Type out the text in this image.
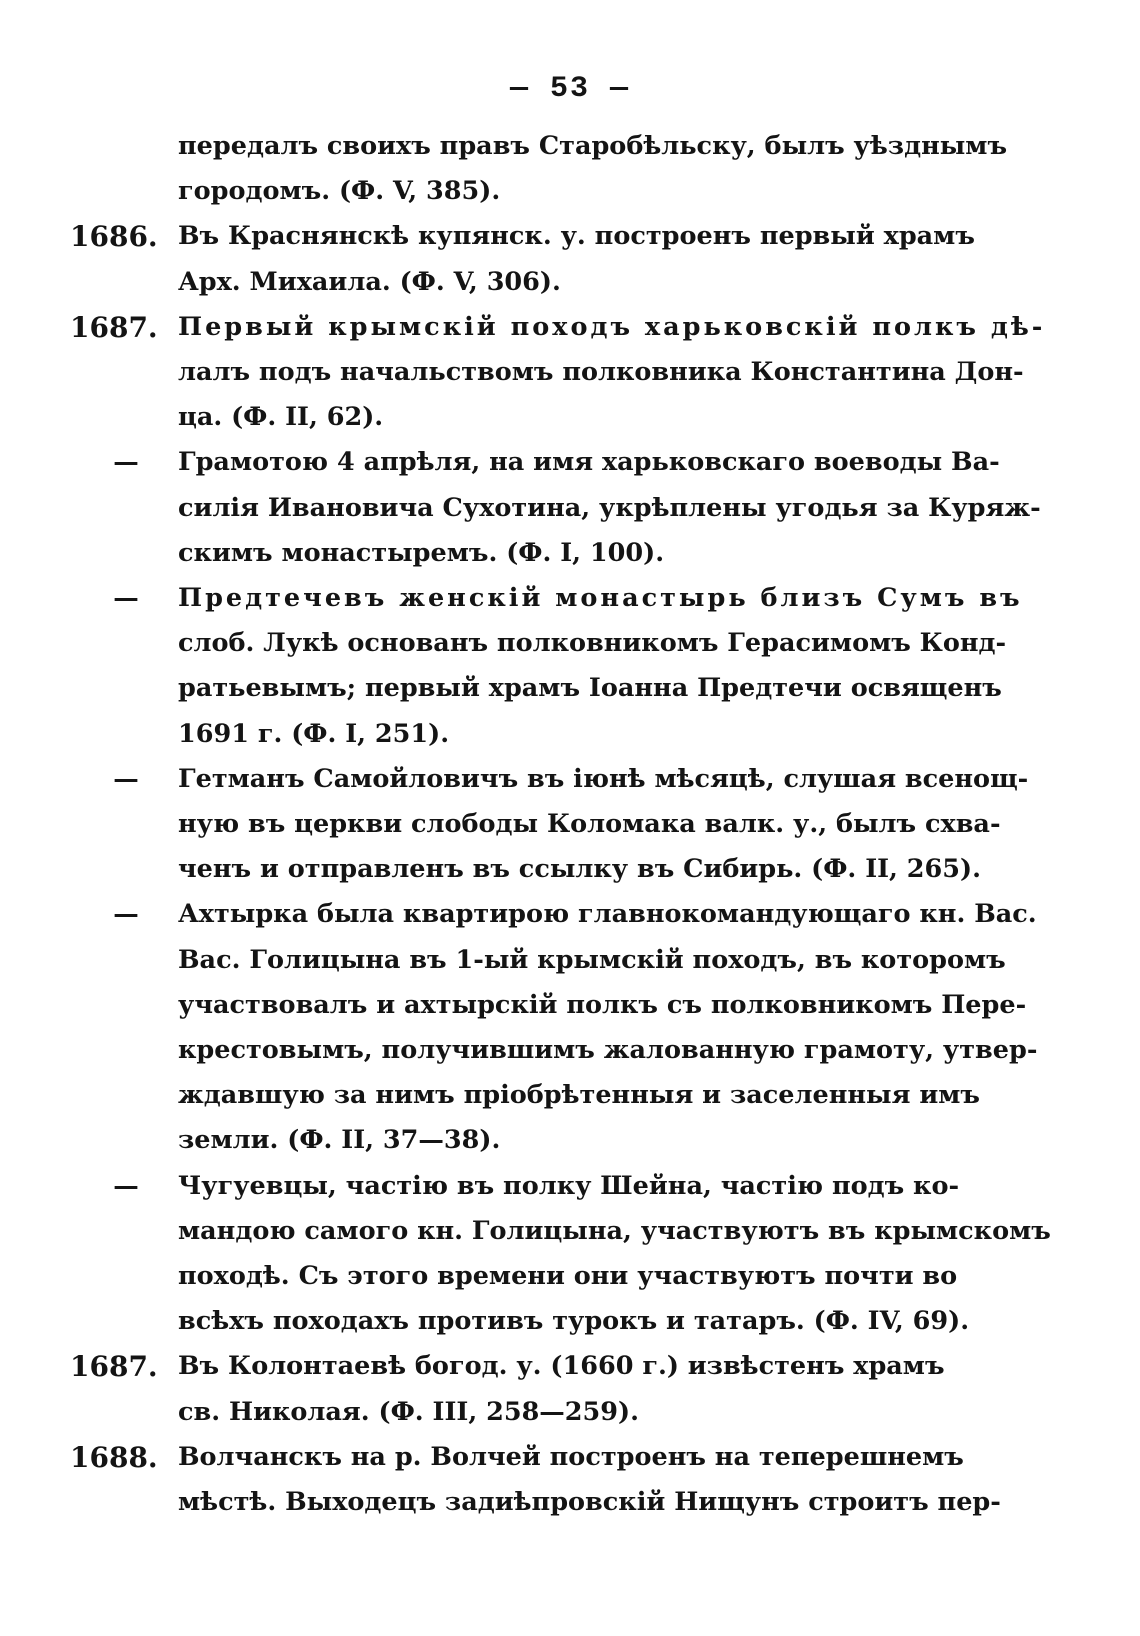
— 53 —
передалъ своихъ правъ Старобѣльску, былъ уѣзднымъ
городомъ. (Ф. V, 385).
1686. Въ Краснянскѣ купянск. у. построенъ первый храмъ
Арх. Михаила. (Ф. V, 306).
1687. Первый крымскій походъ харьковскій полкъ дѣ-
лалъ подъ начальствомъ полковника Константина Дон-
ца. (Ф. II, 62).
—	Грамотою 4 апрѣля, на имя харьковскаго воеводы Ва-
силія Ивановича Сухотина, укрѣплены угодья за Куряж-
скимъ монастыремъ. (Ф. I, 100).
—	Предтечевъ женскій монастырь близъ Сумъ въ
слоб. Лукѣ основанъ полковникомъ Герасимомъ Конд-
ратьевымъ; первый храмъ Іоанна Предтечи освященъ
1691 г. (Ф. I, 251).
—	Гетманъ Самойловичъ въ іюнѣ мѣсяцѣ, слушая всенощ-
ную въ церкви слободы Коломака валк. у., былъ схва-
ченъ и отправленъ въ ссылку въ Сибирь. (Ф. II, 265).
—	Ахтырка была квартирою главнокомандующаго кн. Вас.
Вас. Голицына въ 1-ый крымскій походъ, въ которомъ
участвовалъ и ахтырскій полкъ съ полковникомъ Пере-
крестовымъ, получившимъ жалованную грамоту, утвер-
ждавшую за нимъ пріобрѣтенныя и заселенныя имъ
земли. (Ф. II, 37—38).
—	Чугуевцы, частію въ полку Шейна, частію подъ ко-
мандою самого кн. Голицына, участвуютъ въ крымскомъ
походѣ. Съ этого времени они участвуютъ почти во
всѣхъ походахъ противъ турокъ и татаръ. (Ф. IV, 69).
1687. Въ Колонтаевѣ богод. у. (1660 г.) извѣстенъ храмъ
св. Николая. (Ф. III, 258—259).
1688. Волчанскъ на р. Волчей построенъ на теперешнемъ
мѣстѣ. Выходецъ задиѣпровскій Нищунъ строитъ пер-
